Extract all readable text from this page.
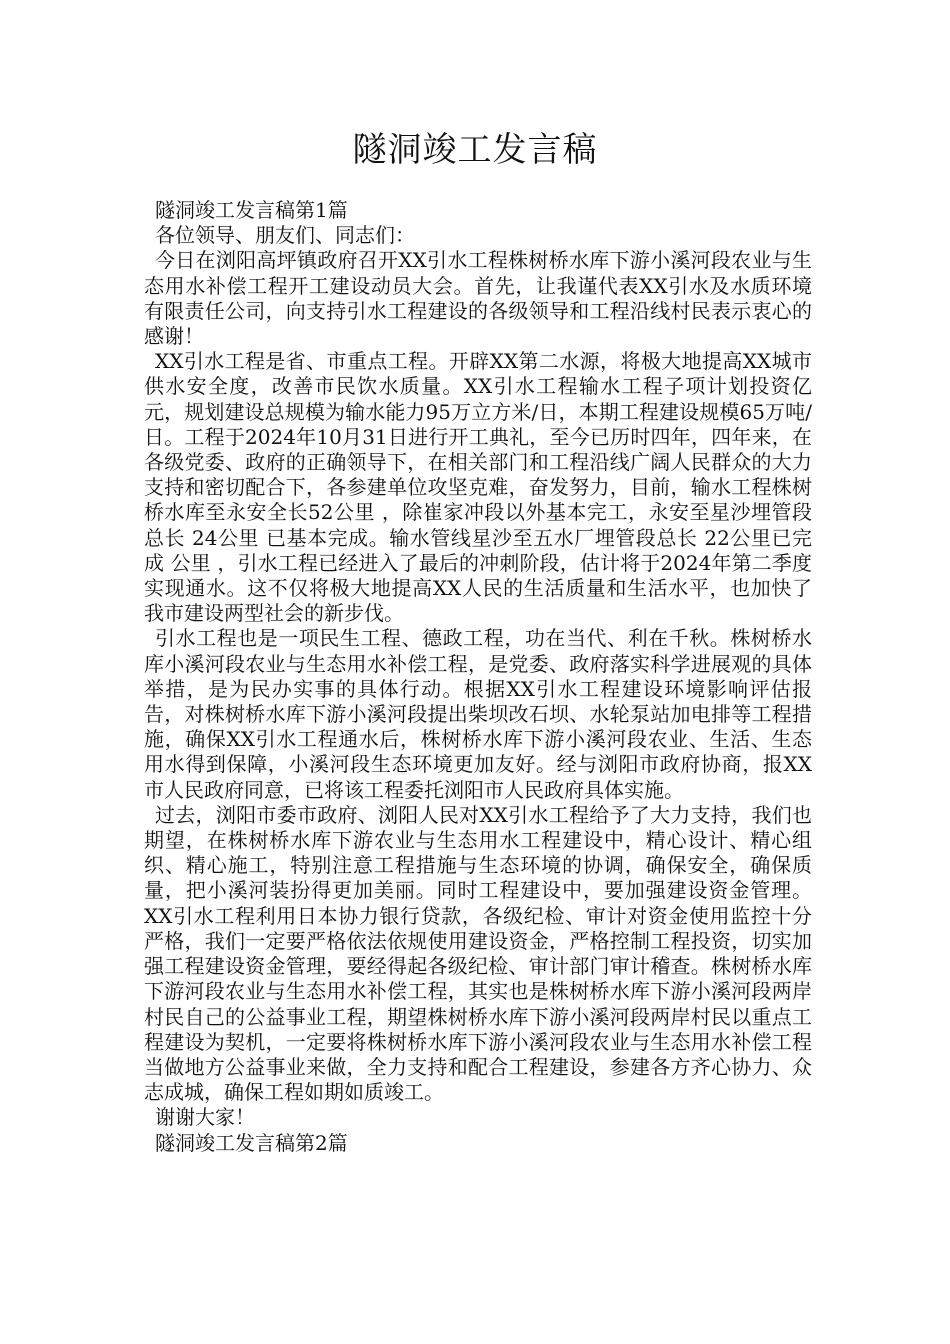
隧洞竣工发言稿

隧洞竣工发言稿第1篇

各位领导、朋友们、同志们：

今日在浏阳高坪镇政府召开XX引水工程株树桥水库下游小溪河段农业与生态用水补偿工程开工建设动员大会。首先，让我谨代表XX引水及水质环境有限责任公司，向支持引水工程建设的各级领导和工程沿线村民表示衷心的感谢！

XX引水工程是省、市重点工程。开辟XX第二水源，将极大地提高XX城市供水安全度，改善市民饮水质量。XX引水工程输水工程子项计划投资亿元，规划建设总规模为输水能力95万立方米/日，本期工程建设规模65万吨/日。工程于2024年10月31日进行开工典礼，至今已历时四年，四年来，在各级党委、政府的正确领导下，在相关部门和工程沿线广阔人民群众的大力支持和密切配合下，各参建单位攻坚克难，奋发努力，目前，输水工程株树桥水库至永安全长52公里 ，除崔家冲段以外基本完工，永安至星沙埋管段总长 24公里 已基本完成。输水管线星沙至五水厂埋管段总长 22公里已完成 公里 ，引水工程已经进入了最后的冲刺阶段，估计将于2024年第二季度实现通水。这不仅将极大地提高XX人民的生活质量和生活水平，也加快了我市建设两型社会的新步伐。

引水工程也是一项民生工程、德政工程，功在当代、利在千秋。株树桥水库小溪河段农业与生态用水补偿工程，是党委、政府落实科学进展观的具体举措，是为民办实事的具体行动。根据XX引水工程建设环境影响评估报告，对株树桥水库下游小溪河段提出柴坝改石坝、水轮泵站加电排等工程措施，确保XX引水工程通水后，株树桥水库下游小溪河段农业、生活、生态用水得到保障，小溪河段生态环境更加友好。经与浏阳市政府协商，报XX市人民政府同意，已将该工程委托浏阳市人民政府具体实施。

过去，浏阳市委市政府、浏阳人民对XX引水工程给予了大力支持，我们也期望，在株树桥水库下游农业与生态用水工程建设中，精心设计、精心组织、精心施工，特别注意工程措施与生态环境的协调，确保安全，确保质量，把小溪河装扮得更加美丽。同时工程建设中，要加强建设资金管理。XX引水工程利用日本协力银行贷款，各级纪检、审计对资金使用监控十分严格，我们一定要严格依法依规使用建设资金，严格控制工程投资，切实加强工程建设资金管理，要经得起各级纪检、审计部门审计稽查。株树桥水库下游河段农业与生态用水补偿工程，其实也是株树桥水库下游小溪河段两岸村民自己的公益事业工程，期望株树桥水库下游小溪河段两岸村民以重点工程建设为契机，一定要将株树桥水库下游小溪河段农业与生态用水补偿工程当做地方公益事业来做，全力支持和配合工程建设，参建各方齐心协力、众志成城，确保工程如期如质竣工。

谢谢大家！

隧洞竣工发言稿第2篇
